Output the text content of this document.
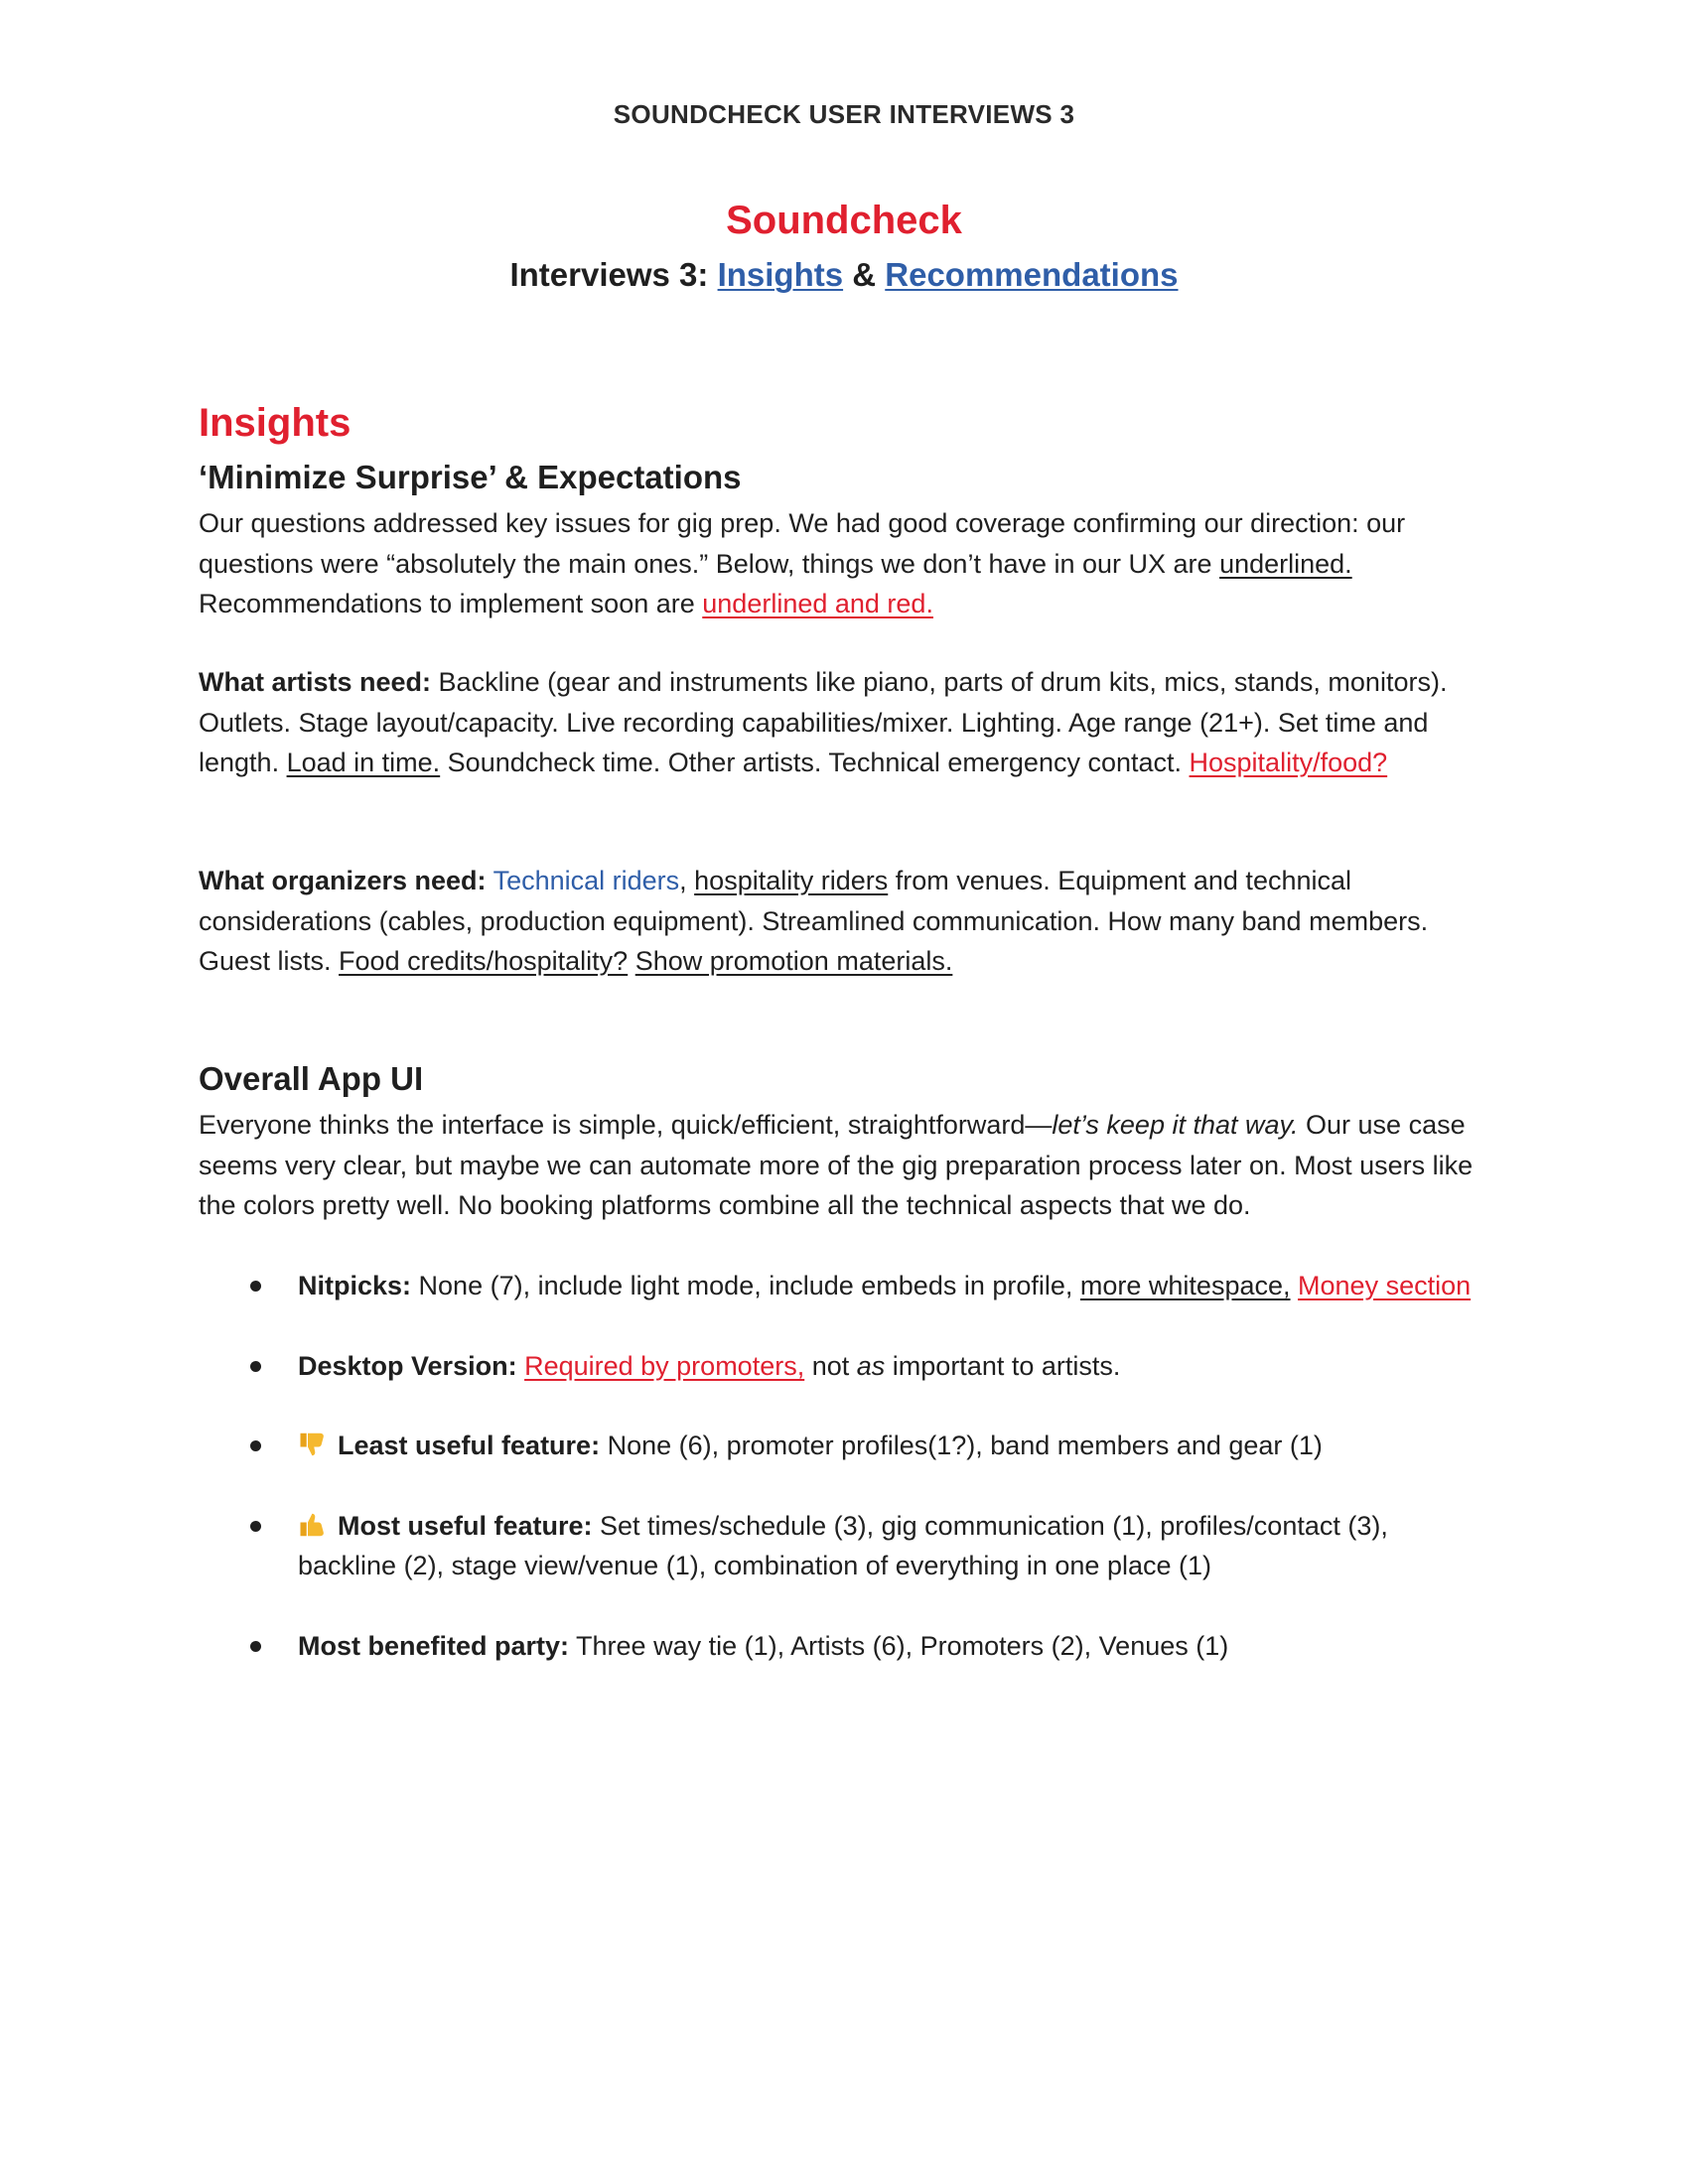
SOUNDCHECK USER INTERVIEWS 3
Soundcheck
Interviews 3: Insights & Recommendations
Insights
‘Minimize Surprise’ & Expectations

Our questions addressed key issues for gig prep. We had good coverage confirming our direction: our questions were “absolutely the main ones.” Below, things we don’t have in our UX are underlined. Recommendations to implement soon are underlined and red.

What artists need: Backline (gear and instruments like piano, parts of drum kits, mics, stands, monitors). Outlets. Stage layout/capacity. Live recording capabilities/mixer. Lighting. Age range (21+). Set time and length. Load in time. Soundcheck time. Other artists. Technical emergency contact. Hospitality/food?

What organizers need: Technical riders, hospitality riders from venues. Equipment and technical considerations (cables, production equipment). Streamlined communication. How many band members. Guest lists. Food credits/hospitality? Show promotion materials.

Overall App UI

Everyone thinks the interface is simple, quick/efficient, straightforward—let’s keep it that way. Our use case seems very clear, but maybe we can automate more of the gig preparation process later on. Most users like the colors pretty well. No booking platforms combine all the technical aspects that we do.

Nitpicks: None (7), include light mode, include embeds in profile, more whitespace, Money section
Desktop Version: Required by promoters, not as important to artists.
Least useful feature: None (6), promoter profiles(1?), band members and gear (1)
Most useful feature: Set times/schedule (3), gig communication (1), profiles/contact (3), backline (2), stage view/venue (1), combination of everything in one place (1)
Most benefited party: Three way tie (1), Artists (6), Promoters (2), Venues (1)
